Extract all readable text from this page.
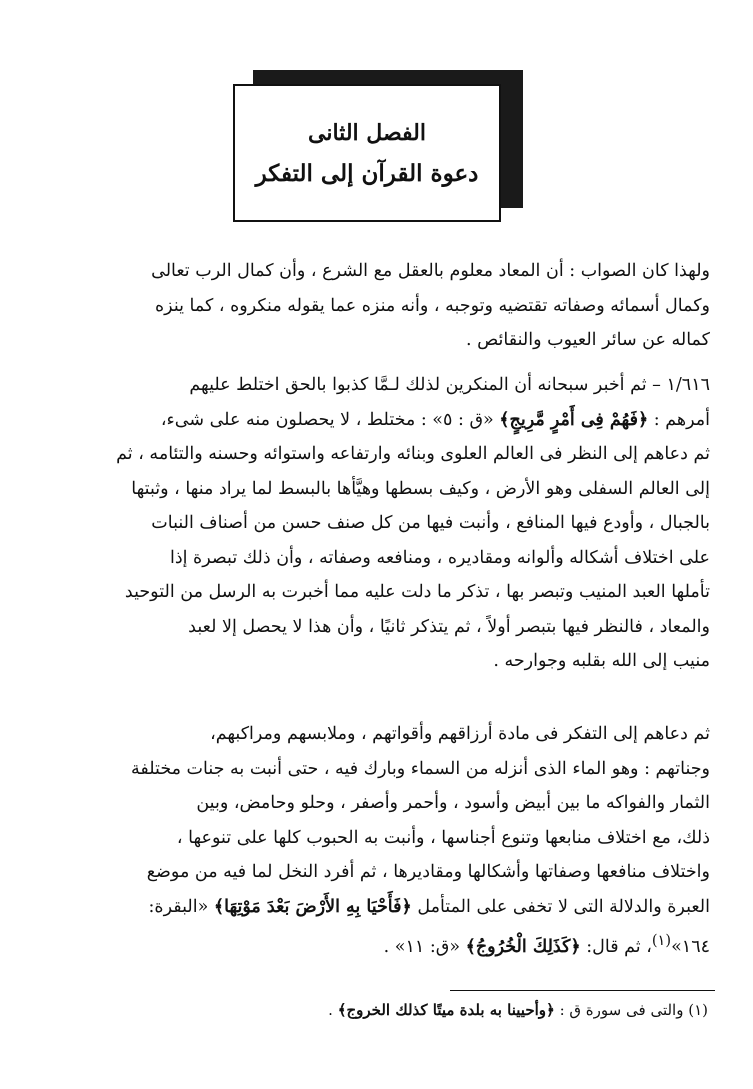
الفصل الثانى
دعوة القرآن إلى التفكر
ولهذا كان الصواب : أن المعاد معلوم بالعقل مع الشرع ، وأن كمال الرب تعالى
وكمال أسمائه وصفاته تقتضيه وتوجبه ، وأنه منزه عما يقوله منكروه ، كما ينزه
كماله عن سائر العيوب والنقائص .
١/٦١٦ – ثم أخبر سبحانه أن المنكرين لذلك لـمَّا كذبوا بالحق اختلط عليهم
أمرهم : ﴿فَهُمْ فِى أَمْرٍ مَّرِيجٍ﴾ «ق : ٥» : مختلط ، لا يحصلون منه على شىء،
ثم دعاهم إلى النظر فى العالم العلوى وبنائه وارتفاعه واستوائه وحسنه والتئامه ، ثم
إلى العالم السفلى وهو الأرض ، وكيف بسطها وهيَّأها بالبسط لما يراد منها ، وثبتها
بالجبال ، وأودع فيها المنافع ، وأنبت فيها من كل صنف حسن من أصناف النبات
على اختلاف أشكاله وألوانه ومقاديره ، ومنافعه وصفاته ، وأن ذلك تبصرة إذا
تأملها العبد المنيب وتبصر بها ، تذكر ما دلت عليه مما أخبرت به الرسل من التوحيد
والمعاد ، فالنظر فيها بتبصر أولاً ، ثم يتذكر ثانيًا ، وأن هذا لا يحصل إلا لعبد
منيب إلى الله بقلبه وجوارحه .
ثم دعاهم إلى التفكر فى مادة أرزاقهم وأقواتهم ، وملابسهم ومراكبهم،
وجناتهم : وهو الماء الذى أنزله من السماء وبارك فيه ، حتى أنبت به جنات مختلفة
الثمار والفواكه ما بين أبيض وأسود ، وأحمر وأصفر ، وحلو وحامض، وبين
ذلك، مع اختلاف منابعها وتنوع أجناسها ، وأنبت به الحبوب كلها على تنوعها ،
واختلاف منافعها وصفاتها وأشكالها ومقاديرها ، ثم أفرد النخل لما فيه من موضع
العبرة والدلالة التى لا تخفى على المتأمل ﴿فَأَحْيَا بِهِ الأَرْضَ بَعْدَ مَوْتِهَا﴾ «البقرة:
١٦٤»$^{(١)}$، ثم قال: ﴿كَذَلِكَ الْخُرُوجُ﴾ «ق: ١١» .
(١) والتى فى سورة ق : ﴿وأحيينا به بلدة ميتًا كذلك الخروج﴾ .
